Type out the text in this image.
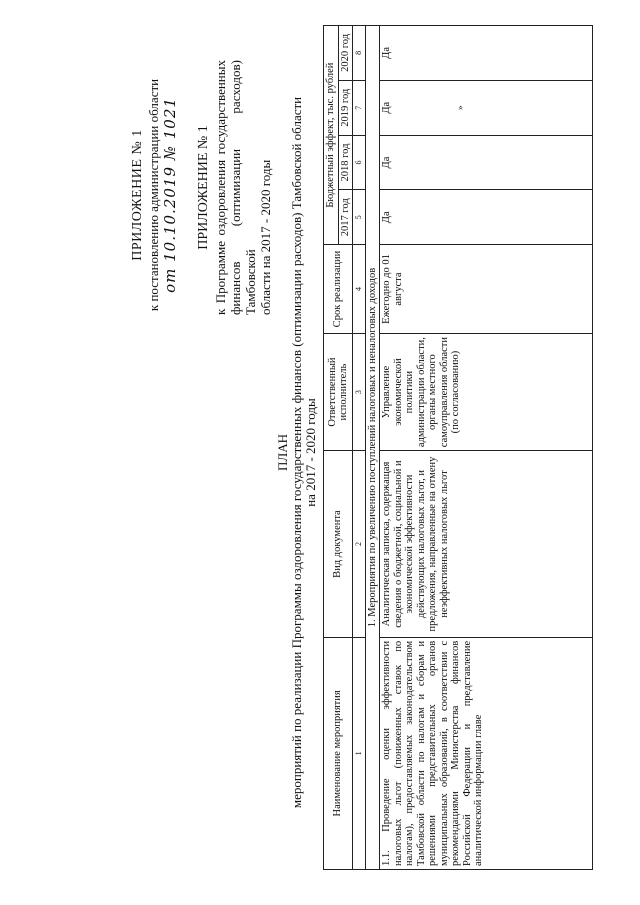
ПРИЛОЖЕНИЕ № 1 к постановлению администрации области от 10.10.2019 № 1021 ПРИЛОЖЕНИЕ № 1 к Программе оздоровления государственных финансов (оптимизации расходов) Тамбовской области на 2017 - 2020 годы
ПЛАН мероприятий по реализации Программы оздоровления государственных финансов (оптимизации расходов) Тамбовской области на 2017 - 2020 годы
Наименование мероприятия	Вид документа	Ответственный исполнитель	Срок реализации	Бюджетный эффект, тыс. рублей			
				2017 год	2018 год	2019 год	2020 год
1	2	3	4	5	6	7	8
1. Мероприятия по увеличению поступлений налоговых и неналоговых доходов							
1.1. Проведение оценки эффективности налоговых льгот (пониженных ставок по налогам), предоставляемых законодательством Тамбовской области по налогам и сборам и решениями представительных органов муниципальных образований, в соответствии с рекомендациями Министерства финансов Российской Федерации и представление аналитической информации главе	Аналитическая записка, содержащая сведения о бюджетной, социальной и экономической эффективности действующих налоговых льгот, и предложения, направленные на отмену неэффективных налоговых льгот	Управление экономической политики администрации области, органы местного самоуправления области (по согласованию)	Ежегодно до 01 августа	Да	Да	Да »	Да
